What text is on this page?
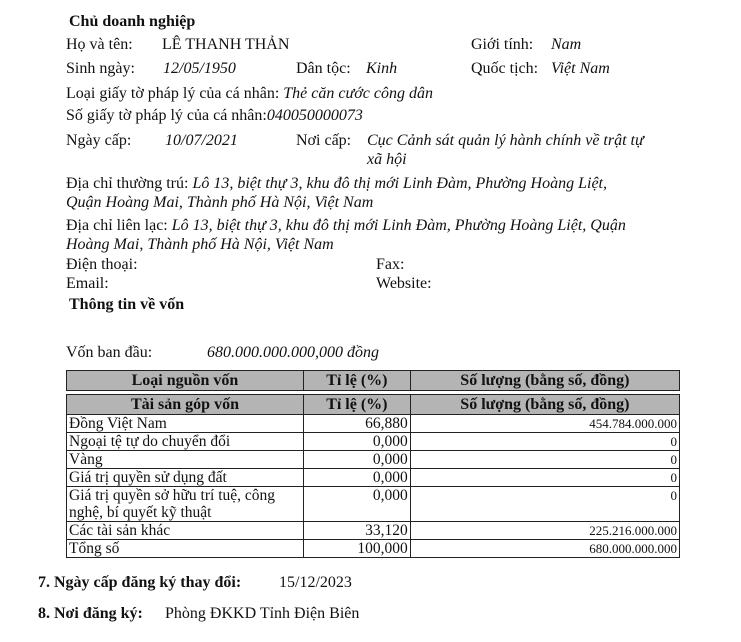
Chủ doanh nghiệp
Họ và tên: LÊ THANH THẢN	Giới tính: Nam
Sinh ngày: 12/05/1950	Dân tộc: Kinh	Quốc tịch: Việt Nam
Loại giấy tờ pháp lý của cá nhân: Thẻ căn cước công dân
Số giấy tờ pháp lý của cá nhân:040050000073
Ngày cấp: 10/07/2021	Nơi cấp: Cục Cảnh sát quản lý hành chính về trật tự
xã hội
Địa chỉ thường trú: Lô 13, biệt thự 3, khu đô thị mới Linh Đàm, Phường Hoàng Liệt,
Quận Hoàng Mai, Thành phố Hà Nội, Việt Nam
Địa chỉ liên lạc: Lô 13, biệt thự 3, khu đô thị mới Linh Đàm, Phường Hoàng Liệt, Quận
Hoàng Mai, Thành phố Hà Nội, Việt Nam
Điện thoại:	Fax:
Email:	Website:
Thông tin về vốn
Vốn ban đầu:	680.000.000.000,000 đồng
Loại nguồn vốn	Tỉ lệ (%)	Số lượng (bằng số, đồng)
Tài sản góp vốn	Tỉ lệ (%)	Số lượng (bằng số, đồng)
Đồng Việt Nam	66,880	454.784.000.000
Ngoại tệ tự do chuyển đổi	0,000	0
Vàng	0,000	0
Giá trị quyền sử dụng đất	0,000	0
Giá trị quyền sở hữu trí tuệ, công nghệ, bí quyết kỹ thuật	0,000	0
Các tài sản khác	33,120	225.216.000.000
Tổng số	100,000	680.000.000.000
7. Ngày cấp đăng ký thay đổi: 15/12/2023
8. Nơi đăng ký: Phòng ĐKKD Tỉnh Điện Biên
